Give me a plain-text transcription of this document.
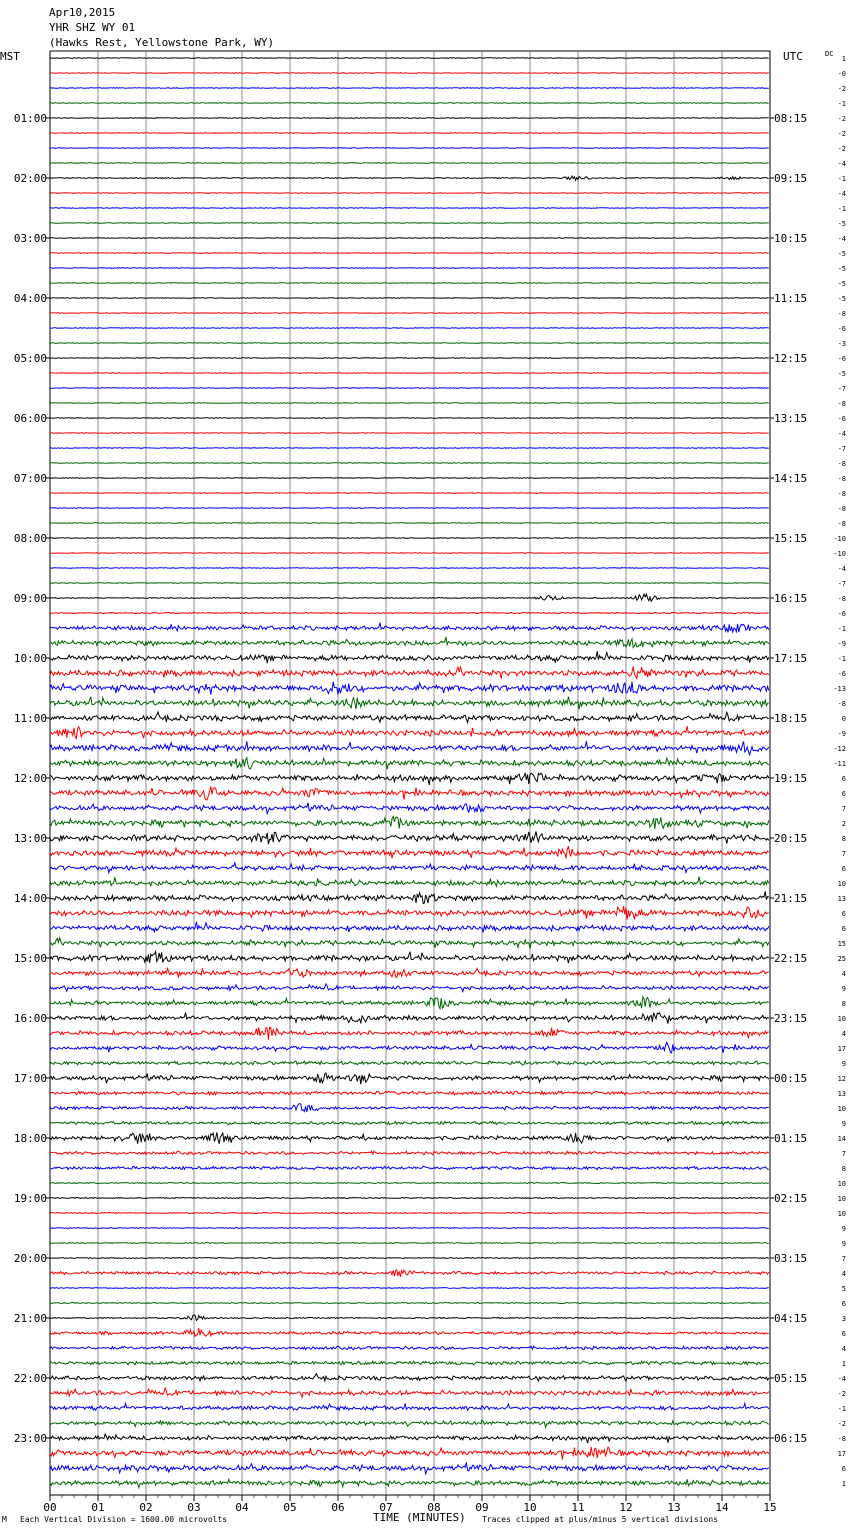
Apr10,2015
YHR SHZ WY 01
(Hawks Rest, Yellowstone Park, WY)
00	01	02	03	04	05	06	07	08	09	10	11	12	13	14	15
MST	UTC	DC
01:00	08:15
02:00	09:15
03:00	10:15
04:00	11:15
05:00	12:15
06:00	13:15
07:00	14:15
08:00	15:15
09:00	16:15
10:00	17:15
11:00	18:15
12:00	19:15
13:00	20:15
14:00	21:15
15:00	22:15
16:00	23:15
17:00	00:15
18:00	01:15
19:00	02:15
20:00	03:15
21:00	04:15
22:00	05:15
23:00	06:15
1
-0
-2
-1
-2
-2
-2
-4
-1
-4
-1
-5
-4
-5
-5
-5
-5
-8
-6
-3
-6
-5
-7
-8
-6
-4
-7
-8
-8
-8
-8
-8
-10
-10
-4
-7
-8
-6
-1
-9
-1
-6
-13
-8
0
-9
-12
-11
6
6
7
2
8
7
6
10
13
6
6
15
25
4
9
8
10
4
17
9
12
13
10
9
14
7
8
10
10
10
9
9
7
4
5
6
3
6
4
1
-4
-2
-1
-2
-8
17
6
1
M Each Vertical Division = 1600.00 microvolts	TIME (MINUTES) Traces clipped at plus/minus 5 vertical divisions
